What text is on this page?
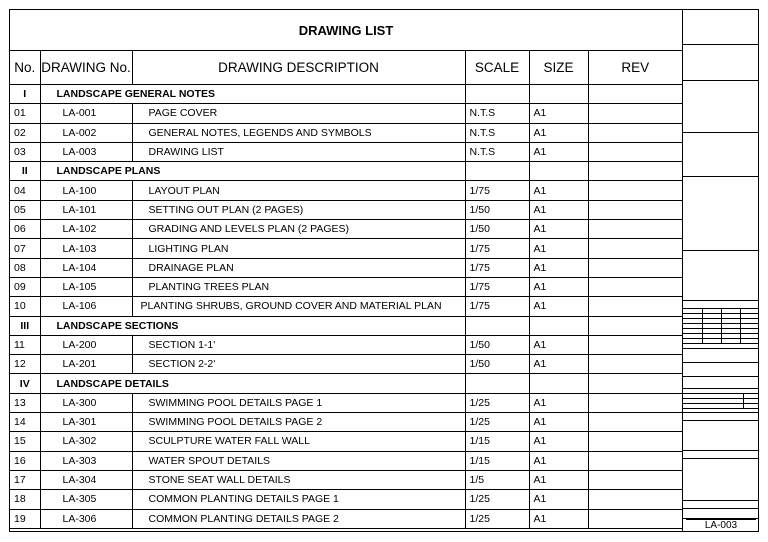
DRAWING LIST
No.	DRAWING No.	DRAWING DESCRIPTION	SCALE	SIZE	REV
I	LANDSCAPE GENERAL NOTES				
01	LA-001	PAGE COVER	N.T.S	A1	
02	LA-002	GENERAL NOTES, LEGENDS AND SYMBOLS	N.T.S	A1	
03	LA-003	DRAWING LIST	N.T.S	A1	
II	LANDSCAPE PLANS				
04	LA-100	LAYOUT PLAN	1/75	A1	
05	LA-101	SETTING OUT PLAN (2 PAGES)	1/50	A1	
06	LA-102	GRADING AND LEVELS PLAN (2 PAGES)	1/50	A1	
07	LA-103	LIGHTING PLAN	1/75	A1	
08	LA-104	DRAINAGE PLAN	1/75	A1	
09	LA-105	PLANTING TREES PLAN	1/75	A1	
10	LA-106	PLANTING SHRUBS, GROUND COVER AND MATERIAL PLAN	1/75	A1	
III	LANDSCAPE SECTIONS				
11	LA-200	SECTION 1-1'	1/50	A1	
12	LA-201	SECTION 2-2'	1/50	A1	
IV	LANDSCAPE DETAILS				
13	LA-300	SWIMMING POOL DETAILS PAGE 1	1/25	A1	
14	LA-301	SWIMMING POOL DETAILS PAGE 2	1/25	A1	
15	LA-302	SCULPTURE WATER FALL WALL	1/15	A1	
16	LA-303	WATER SPOUT DETAILS	1/15	A1	
17	LA-304	STONE SEAT WALL DETAILS	1/5	A1	
18	LA-305	COMMON PLANTING DETAILS PAGE 1	1/25	A1	
19	LA-306	COMMON PLANTING DETAILS PAGE 2	1/25	A1	

LA-003
